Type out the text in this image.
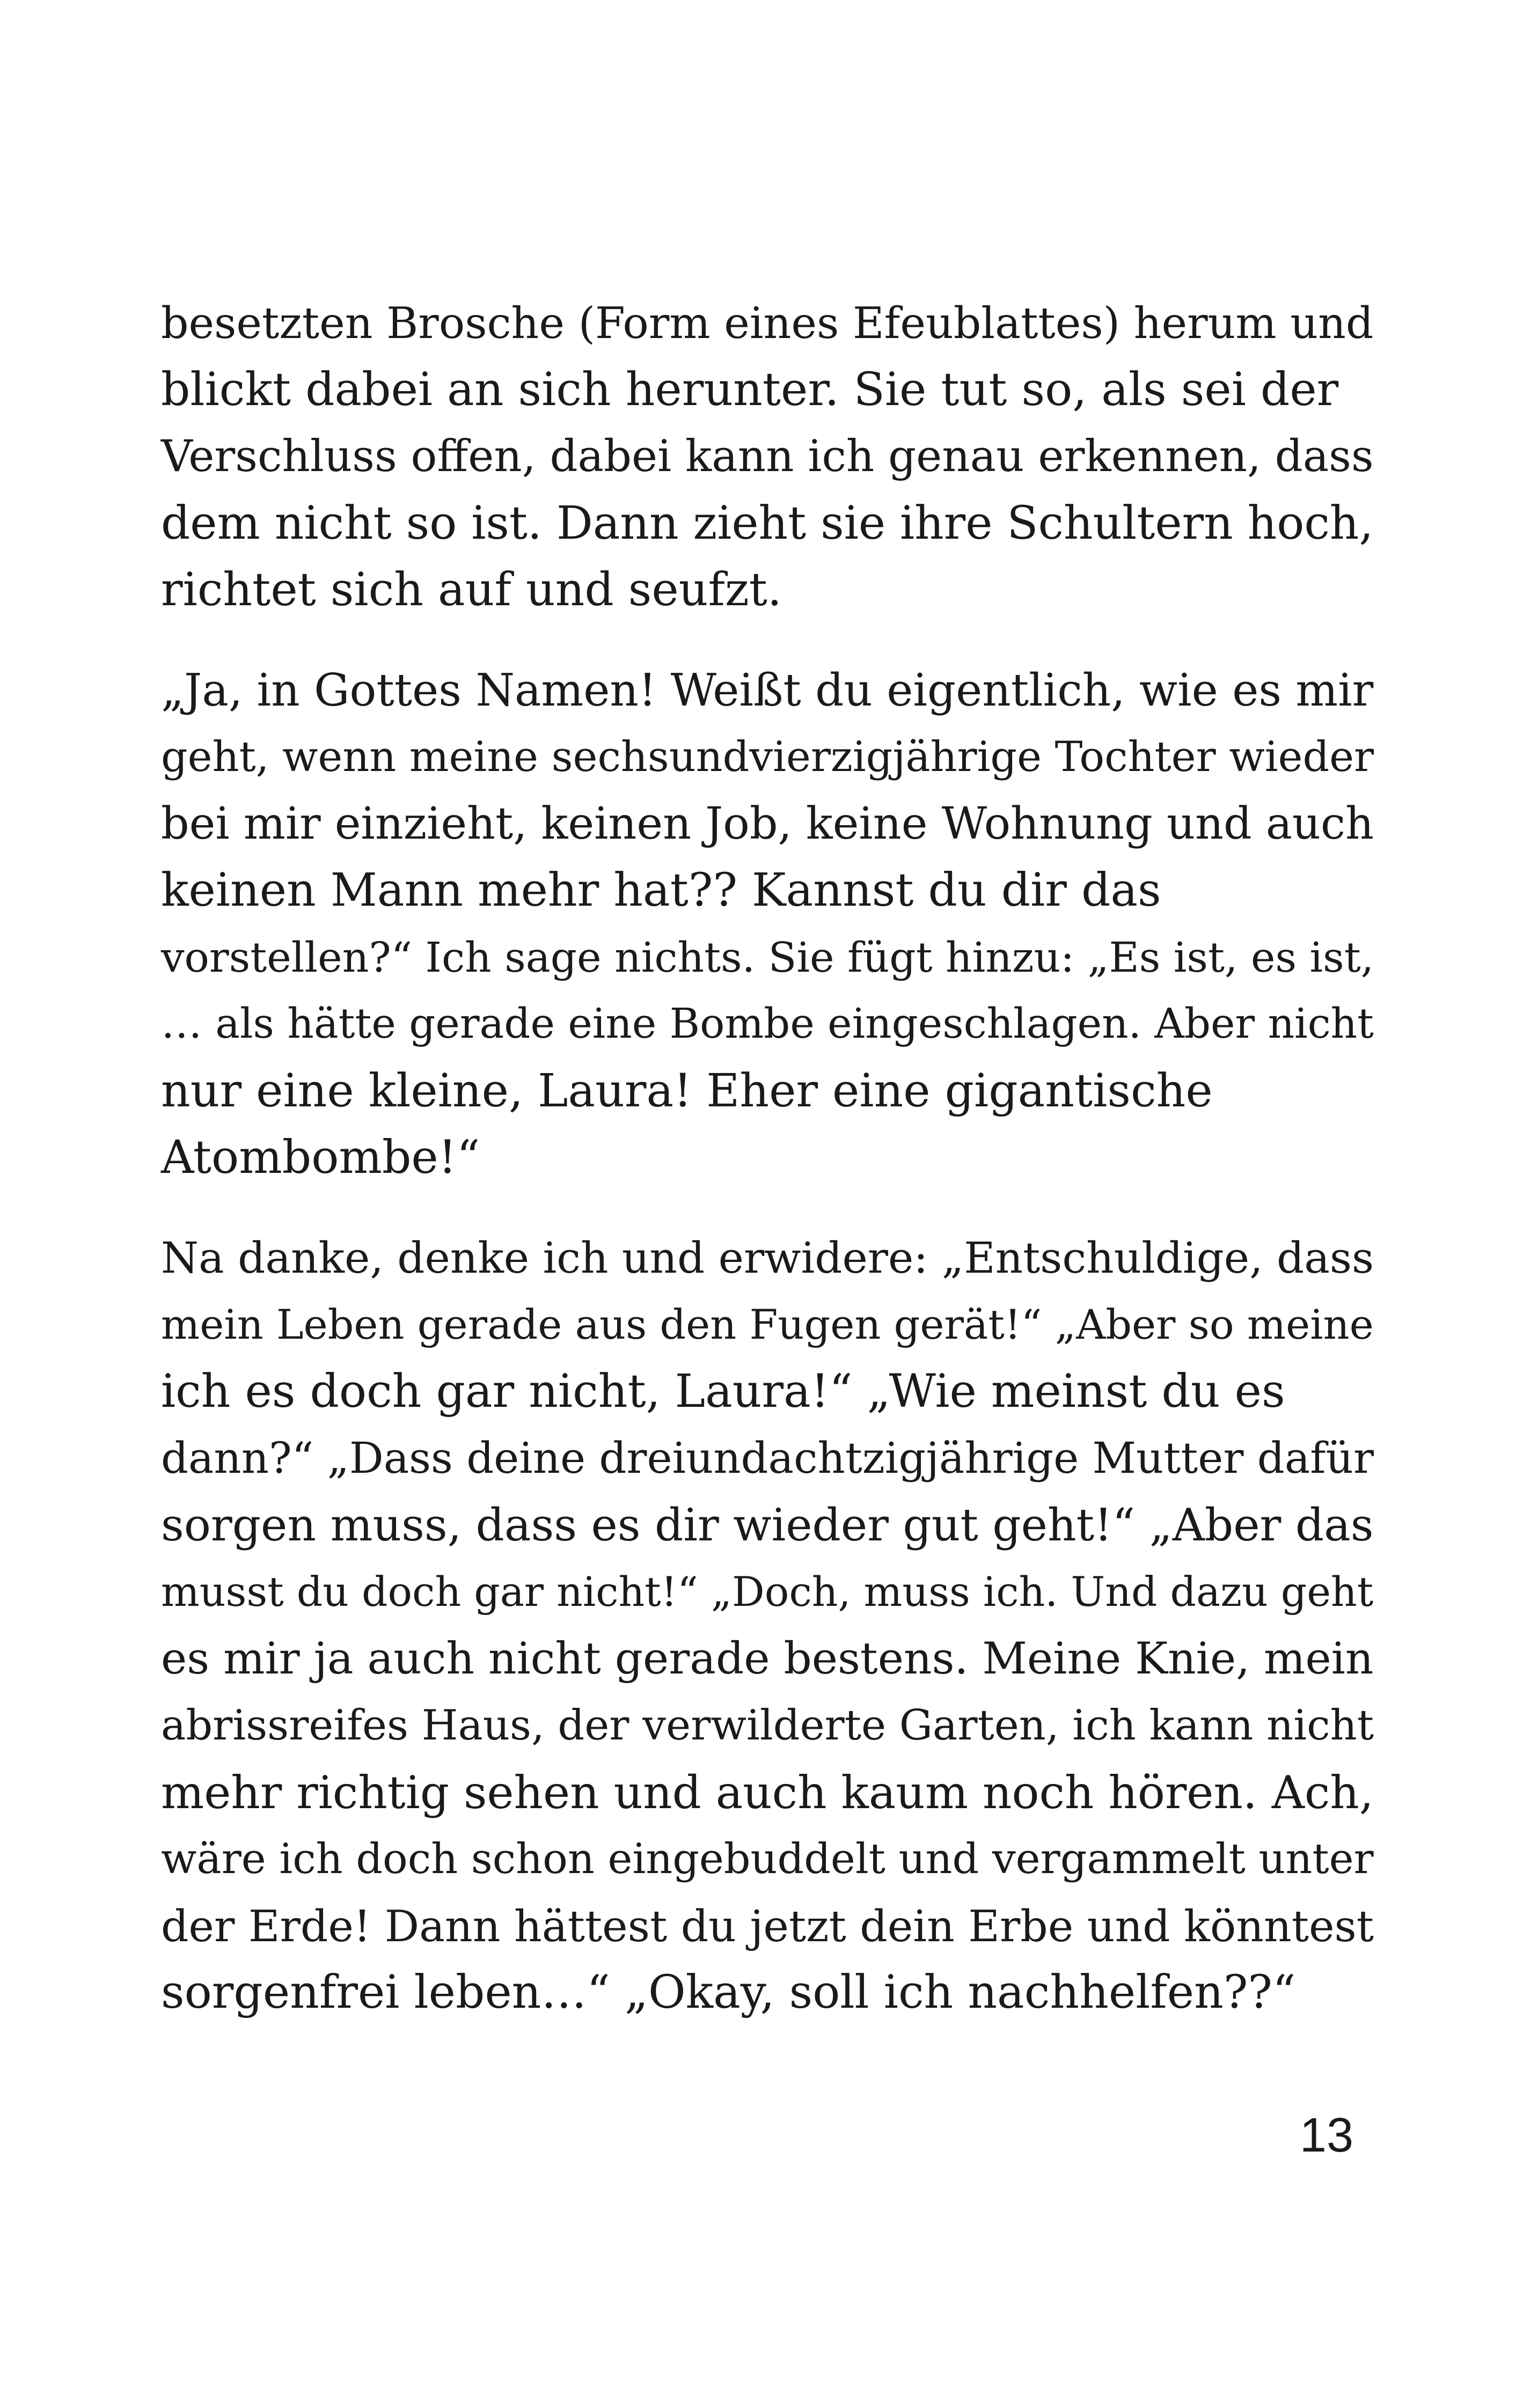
besetzten Brosche (Form eines Efeublattes) herum und
blickt dabei an sich herunter. Sie tut so, als sei der
Verschluss offen, dabei kann ich genau erkennen, dass
dem nicht so ist. Dann zieht sie ihre Schultern hoch,
richtet sich auf und seufzt.

„Ja, in Gottes Namen! Weißt du eigentlich, wie es mir
geht, wenn meine sechsundvierzigjährige Tochter wieder
bei mir einzieht, keinen Job, keine Wohnung und auch
keinen Mann mehr hat?? Kannst du dir das
vorstellen?“ Ich sage nichts. Sie fügt hinzu: „Es ist, es ist,
… als hätte gerade eine Bombe eingeschlagen. Aber nicht
nur eine kleine, Laura! Eher eine gigantische
Atombombe!“

Na danke, denke ich und erwidere: „Entschuldige, dass
mein Leben gerade aus den Fugen gerät!“ „Aber so meine
ich es doch gar nicht, Laura!“ „Wie meinst du es
dann?“ „Dass deine dreiundachtzigjährige Mutter dafür
sorgen muss, dass es dir wieder gut geht!“ „Aber das
musst du doch gar nicht!“ „Doch, muss ich. Und dazu geht
es mir ja auch nicht gerade bestens. Meine Knie, mein
abrissreifes Haus, der verwilderte Garten, ich kann nicht
mehr richtig sehen und auch kaum noch hören. Ach,
wäre ich doch schon eingebuddelt und vergammelt unter
der Erde! Dann hättest du jetzt dein Erbe und könntest
sorgenfrei leben…“ „Okay, soll ich nachhelfen??“

13
